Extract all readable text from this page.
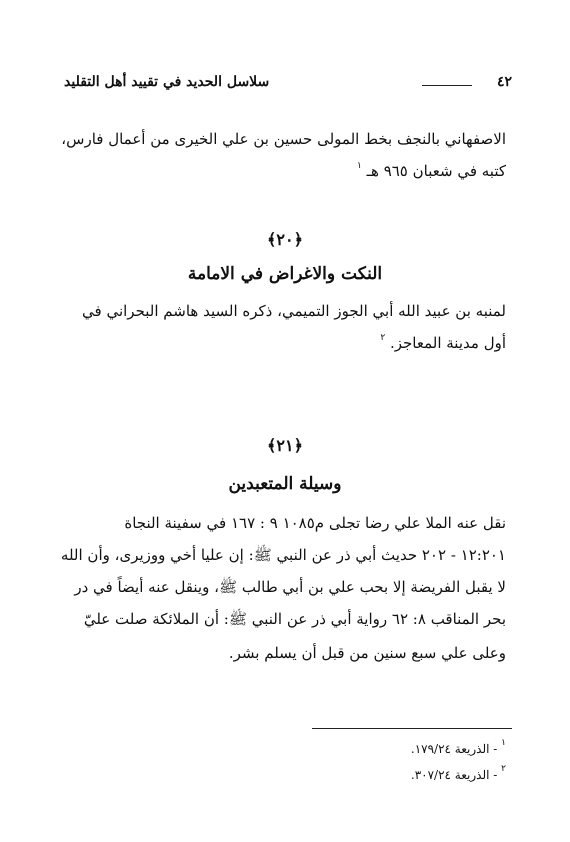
٤٢
سلاسل الحديد في تقييد أهل التقليد
الاصفهاني بالنجف بخط المولى حسين بن علي الخيرى من أعمال فارس،
كتبه في شعبان ٩٦٥ هـ $^١$
﴿٢٠﴾
النكت والاغراض في الامامة
لمنبه بن عبيد الله أبي الجوز التميمي، ذكره السيد هاشم البحراني في
أول مدينة المعاجز. $^٢$
﴿٢١﴾
وسيلة المتعبدين
نقل عنه الملا علي رضا تجلى م١٠٨٥ ٩ : ١٦٧ في سفينة النجاة
١٢:٢٠١ - ٢٠٢ حديث أبي ذر عن النبي ﷺ: إن عليا أخي ووزيرى، وأن الله
لا يقبل الفريضة إلا بحب علي بن أبي طالب ﷺ، وينقل عنه أيضاً في در
بحر المناقب ٨: ٦٢ رواية أبي ذر عن النبي ﷺ: أن الملائكة صلت عليّ
وعلى علي سبع سنين من قبل أن يسلم بشر.
$^١$ - الذريعة ١٧٩/٢٤.
$^٢$ - الذريعة ٣٠٧/٢٤.
